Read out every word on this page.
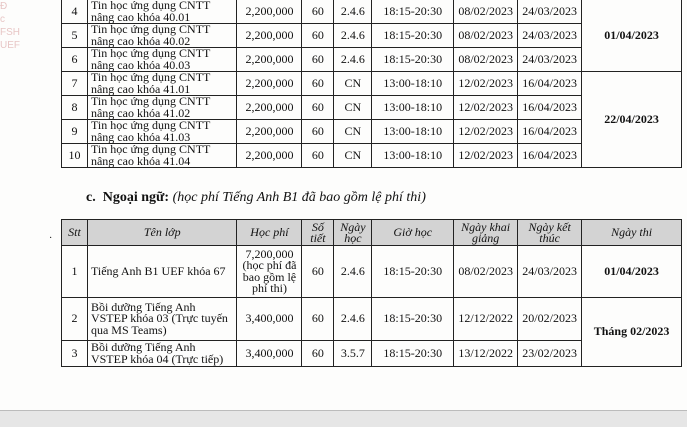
Đ
c
FSH
UEF
4	Tin học ứng dụng CNTT nâng cao khóa 40.01	2,200,000	60	2.4.6	18:15-20:30	08/02/2023	24/03/2023	01/04/2023
5	Tin học ứng dụng CNTT nâng cao khóa 40.02	2,200,000	60	2.4.6	18:15-20:30	08/02/2023	24/03/2023	
6	Tin học ứng dụng CNTT nâng cao khóa 40.03	2,200,000	60	2.4.6	18:15-20:30	08/02/2023	24/03/2023	
7	Tin học ứng dụng CNTT nâng cao khóa 41.01	2,200,000	60	CN	13:00-18:10	12/02/2023	16/04/2023	22/04/2023
8	Tin học ứng dụng CNTT nâng cao khóa 41.02	2,200,000	60	CN	13:00-18:10	12/02/2023	16/04/2023	
9	Tin học ứng dụng CNTT nâng cao khóa 41.03	2,200,000	60	CN	13:00-18:10	12/02/2023	16/04/2023	
10	Tin học ứng dụng CNTT nâng cao khóa 41.04	2,200,000	60	CN	13:00-18:10	12/02/2023	16/04/2023	
c. Ngoại ngữ: (học phí Tiếng Anh B1 đã bao gồm lệ phí thi)
· Stt	Tên lớp	Học phí	Số tiết	Ngày học	Giờ học	Ngày khai giảng	Ngày kết thúc	Ngày thi
1	Tiếng Anh B1 UEF khóa 67	7,200,000 (học phí đã bao gồm lệ phí thi)	60	2.4.6	18:15-20:30	08/02/2023	24/03/2023	01/04/2023
2	Bồi dưỡng Tiếng Anh VSTEP khóa 03 (Trực tuyến qua MS Teams)	3,400,000	60	2.4.6	18:15-20:30	12/12/2022	20/02/2023	Tháng 02/2023
3	Bồi dưỡng Tiếng Anh VSTEP khóa 04 (Trực tiếp)	3,400,000	60	3.5.7	18:15-20:30	13/12/2022	23/02/2023	
